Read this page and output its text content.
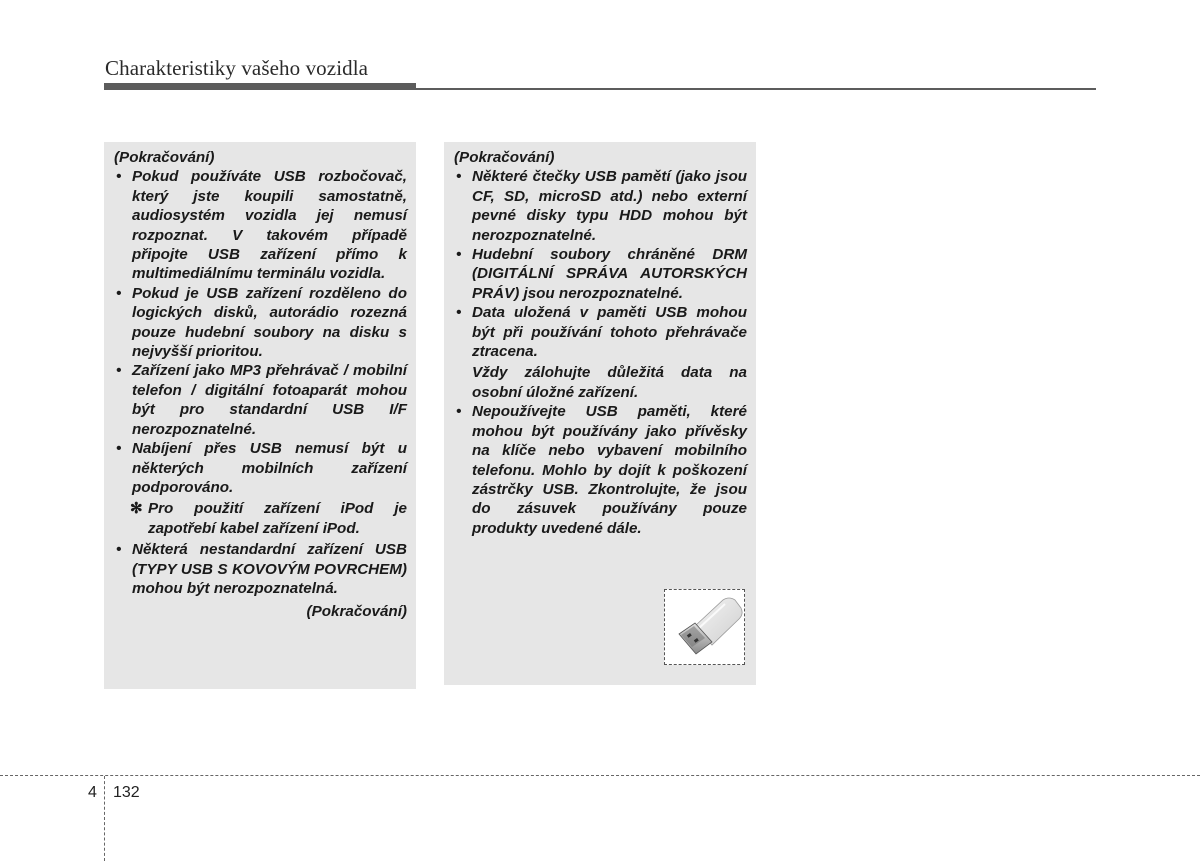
Charakteristiky vašeho vozidla
(Pokračování)
• Pokud používáte USB rozbočovač, který jste koupili samostatně, audiosystém vozidla jej nemusí rozpoznat. V takovém případě připojte USB zařízení přímo k multimediálnímu terminálu vozidla.
• Pokud je USB zařízení rozděleno do logických disků, autorádio rozezná pouze hudební soubory na disku s nejvyšší prioritou.
• Zařízení jako MP3 přehrávač / mobilní telefon / digitální fotoaparát mohou být pro standardní USB I/F nerozpoznatelné.
• Nabíjení přes USB nemusí být u některých mobilních zařízení podporováno.
✻ Pro použití zařízení iPod je zapotřebí kabel zařízení iPod.
• Některá nestandardní zařízení USB (TYPY USB S KOVOVÝM POVRCHEM) mohou být nerozpoznatelná.
(Pokračování)
(Pokračování)
• Některé čtečky USB pamětí (jako jsou CF, SD, microSD atd.) nebo externí pevné disky typu HDD mohou být nerozpoznatelné.
• Hudební soubory chráněné DRM (DIGITÁLNÍ SPRÁVA AUTORSKÝCH PRÁV) jsou nerozpoznatelné.
• Data uložená v paměti USB mohou být při používání tohoto přehrávače ztracena.
Vždy zálohujte důležitá data na osobní úložné zařízení.
• Nepoužívejte USB paměti, které mohou být používány jako přívěsky na klíče nebo vybavení mobilního telefonu. Mohlo by dojít k poškození zástrčky USB. Zkontrolujte, že jsou do zásuvek používány pouze produkty uvedené dále.
4 132
